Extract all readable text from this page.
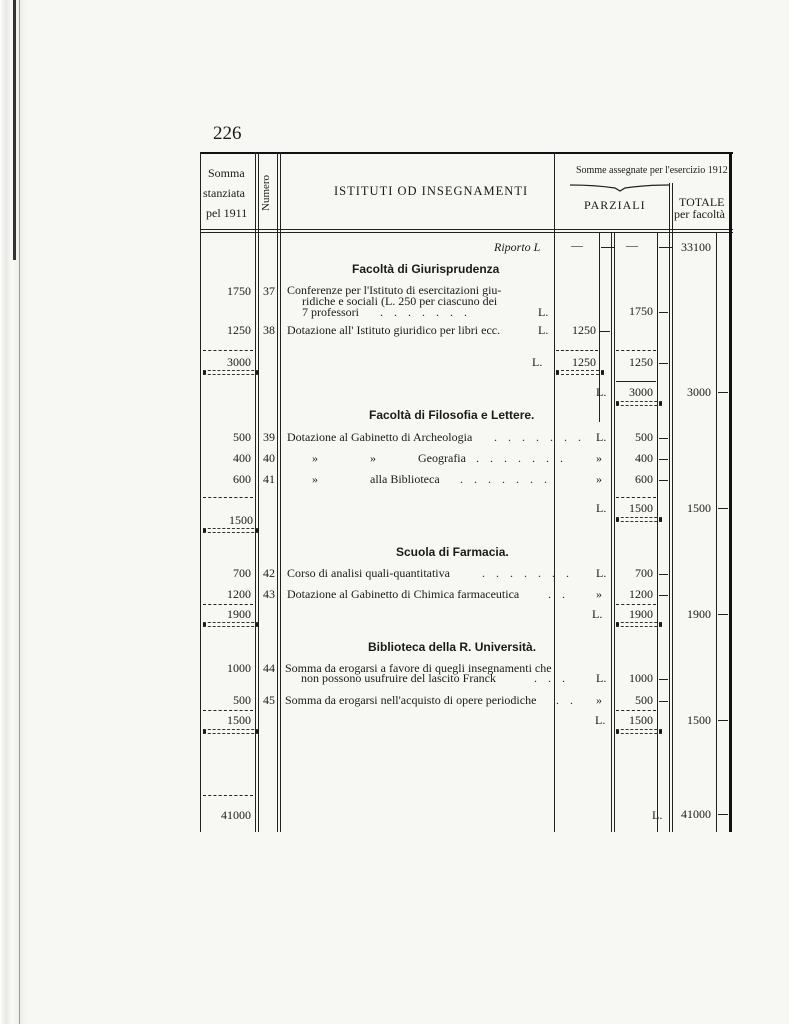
226
Somma
stanziata
pel 1911
Numero	ISTITUTI OD INSEGNAMENTI
Somme assegnate per l'esercizio 1912
PARZIALI	TOTALE
per facoltà
Riporto L	—	—	33100
Facoltà di Giurisprudenza
1750	37 Conferenze per l'Istituto di esercitazioni giu-
ridiche e sociali (L. 250 per ciascuno dei
7 professori . . . . . . .	L.	1750
1250	38 Dotazione all' Istituto giuridico per libri ecc.	L.	1250
3000	L.	1250	1250
L.	3000	3000
Facoltà di Filosofia e Lettere.
500	39 Dotazione al Gabinetto di Archeologia . . . . . . . L.	500
400	40	»	»	Geografia . . . . . . . »	400
600	41	»	alla Biblioteca . . . . . . .	»	600
L.	1500	1500
1500
Scuola di Farmacia.
700	42 Corso di analisi quali-quantitativa	. . . . . . . L.	700
1200	43 Dotazione al Gabinetto di Chimica farmaceutica . . »	1200
1900	L.	1900	1900
Biblioteca della R. Università.
1000	44 Somma da erogarsi a favore di quegli insegnamenti che
non possono usufruire del lascito Franck	. . . L.	1000
500	45 Somma da erogarsi nell'acquisto di opere periodiche . . »	500
1500	L.	1500	1500
41000	L.	41000
